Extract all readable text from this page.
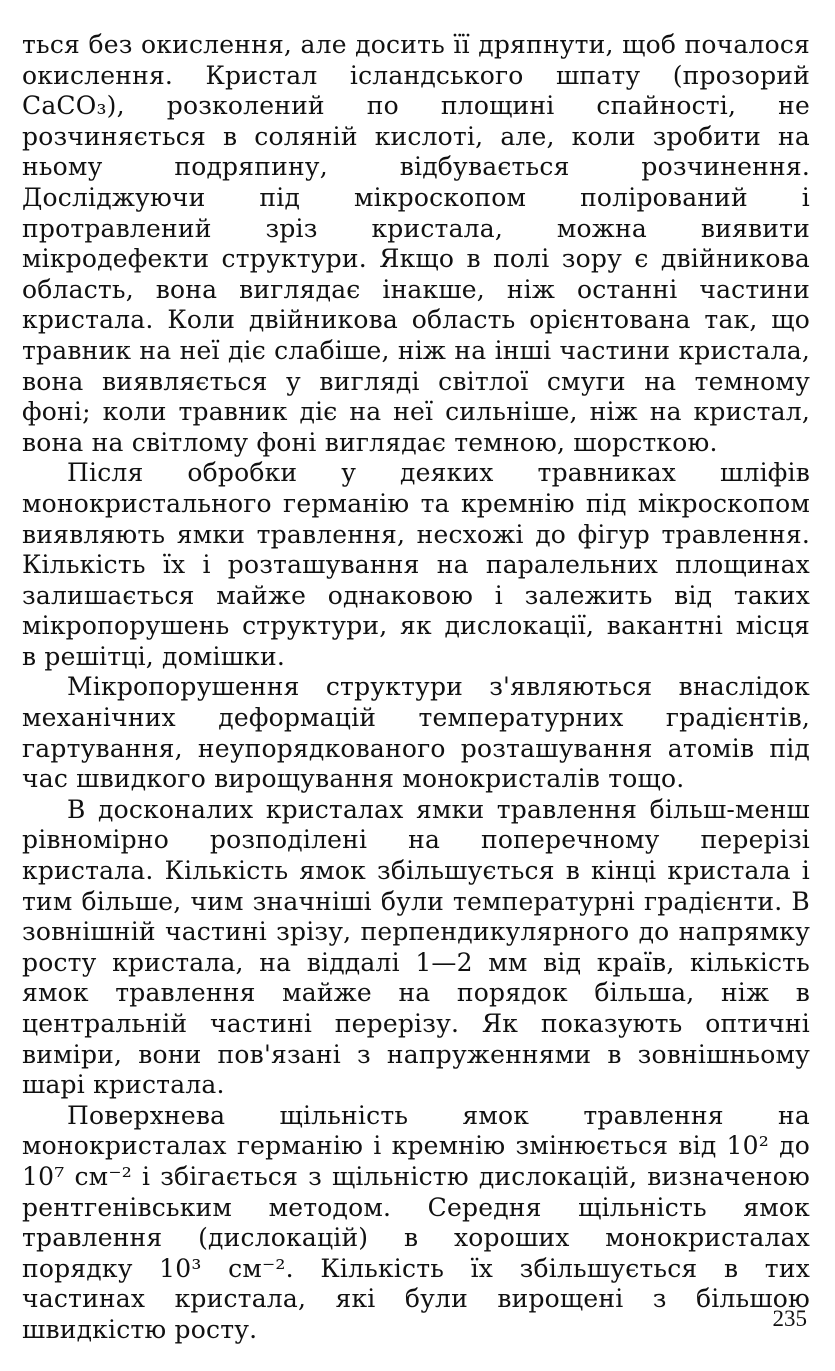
ться без окислення, але досить її дряпнути, щоб почалося окислення. Кристал ісландського шпату (прозорий CaCO₃), розколений по площині спайності, не розчиняється в соляній кислоті, але, коли зробити на ньому подряпину, відбувається розчинення. Досліджуючи під мікроскопом полірований і протравлений зріз кристала, можна виявити мікродефекти структури. Якщо в полі зору є двійникова область, вона виглядає інакше, ніж останні частини кристала. Коли двійникова область орієнтована так, що травник на неї діє слабіше, ніж на інші частини кристала, вона виявляється у вигляді світлої смуги на темному фоні; коли травник діє на неї сильніше, ніж на кристал, вона на світлому фоні виглядає темною, шорсткою.

Після обробки у деяких травниках шліфів монокристального германію та кремнію під мікроскопом виявляють ямки травлення, несхожі до фігур травлення. Кількість їх і розташування на паралельних площинах залишається майже однаковою і залежить від таких мікропорушень структури, як дислокації, вакантні місця в решітці, домішки.

Мікропорушення структури з'являються внаслідок механічних деформацій температурних градієнтів, гартування, неупорядкованого розташування атомів під час швидкого вирощування монокристалів тощо.

В досконалих кристалах ямки травлення більш-менш рівномірно розподілені на поперечному перерізі кристала. Кількість ямок збільшується в кінці кристала і тим більше, чим значніші були температурні градієнти. В зовнішній частині зрізу, перпендикулярного до напрямку росту кристала, на віддалі 1—2 мм від країв, кількість ямок травлення майже на порядок більша, ніж в центральній частині перерізу. Як показують оптичні виміри, вони пов'язані з напруженнями в зовнішньому шарі кристала.

Поверхнева щільність ямок травлення на монокристалах германію і кремнію змінюється від 10² до 10⁷ см⁻² і збігається з щільністю дислокацій, визначеною рентгенівським методом. Середня щільність ямок травлення (дислокацій) в хороших монокристалах порядку 10³ см⁻². Кількість їх збільшується в тих частинах кристала, які були вирощені з більшою швидкістю росту.	235
